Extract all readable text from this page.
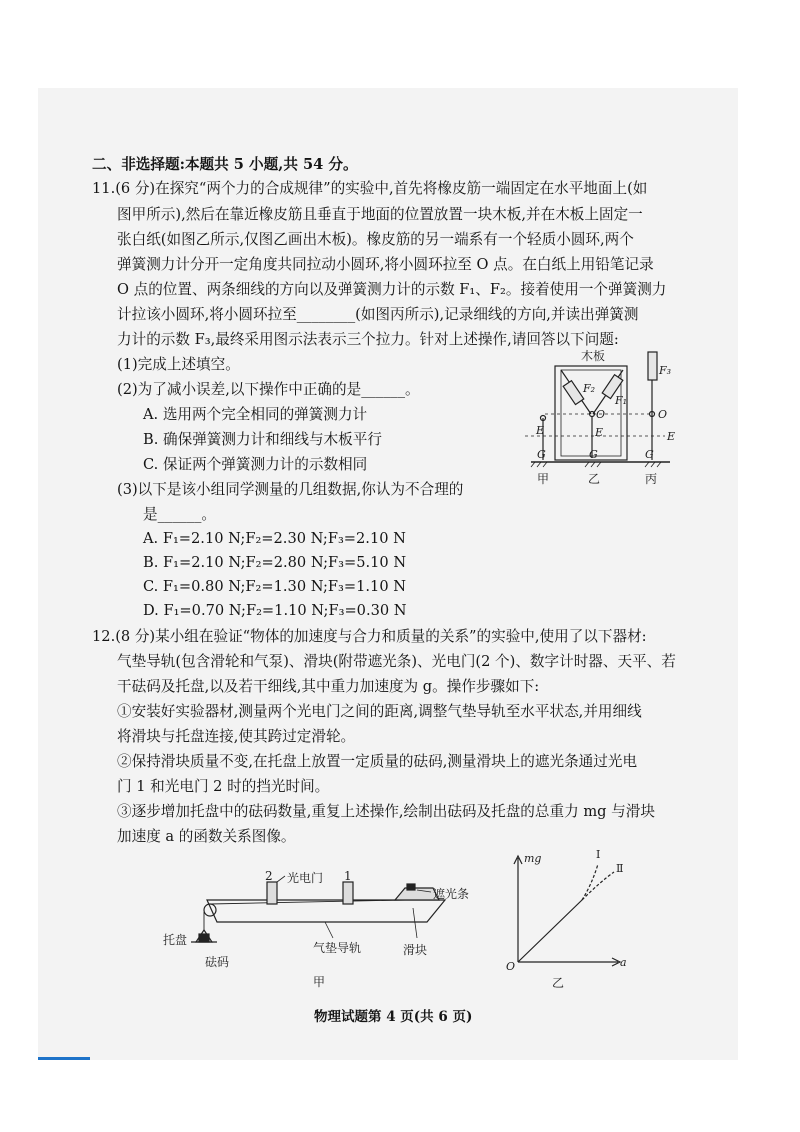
二、非选择题:本题共 5 小题,共 54 分。
11.(6 分)在探究“两个力的合成规律”的实验中,首先将橡皮筋一端固定在水平地面上(如
图甲所示),然后在靠近橡皮筋且垂直于地面的位置放置一块木板,并在木板上固定一
张白纸(如图乙所示,仅图乙画出木板)。橡皮筋的另一端系有一个轻质小圆环,两个
弹簧测力计分开一定角度共同拉动小圆环,将小圆环拉至 O 点。在白纸上用铅笔记录
O 点的位置、两条细线的方向以及弹簧测力计的示数 F₁、F₂。接着使用一个弹簧测力
计拉该小圆环,将小圆环拉至________(如图丙所示),记录细线的方向,并读出弹簧测
力计的示数 F₃,最终采用图示法表示三个拉力。针对上述操作,请回答以下问题:
(1)完成上述填空。
(2)为了减小误差,以下操作中正确的是______。
A. 选用两个完全相同的弹簧测力计
B. 确保弹簧测力计和细线与木板平行
C. 保证两个弹簧测力计的示数相同
(3)以下是该小组同学测量的几组数据,你认为不合理的
是______。
A. F₁=2.10 N;F₂=2.30 N;F₃=2.10 N
B. F₁=2.10 N;F₂=2.80 N;F₃=5.10 N
C. F₁=0.80 N;F₂=1.30 N;F₃=1.10 N
D. F₁=0.70 N;F₂=1.10 N;F₃=0.30 N
木板
F₂
F₁
O
E
G
E
G
F₃
O
E
G
甲	乙	丙
12.(8 分)某小组在验证“物体的加速度与合力和质量的关系”的实验中,使用了以下器材:
气垫导轨(包含滑轮和气泵)、滑块(附带遮光条)、光电门(2 个)、数字计时器、天平、若
干砝码及托盘,以及若干细线,其中重力加速度为 g。操作步骤如下:
①安装好实验器材,测量两个光电门之间的距离,调整气垫导轨至水平状态,并用细线
将滑块与托盘连接,使其跨过定滑轮。
②保持滑块质量不变,在托盘上放置一定质量的砝码,测量滑块上的遮光条通过光电
门 1 和光电门 2 时的挡光时间。
③逐步增加托盘中的砝码数量,重复上述操作,绘制出砝码及托盘的总重力 mg 与滑块
加速度 a 的函数关系图像。
2	1
光电门
遮光条
托盘
砝码
气垫导轨	滑块
甲
mg
a
O
Ⅰ
Ⅱ
乙
物理试题第 4 页(共 6 页)
